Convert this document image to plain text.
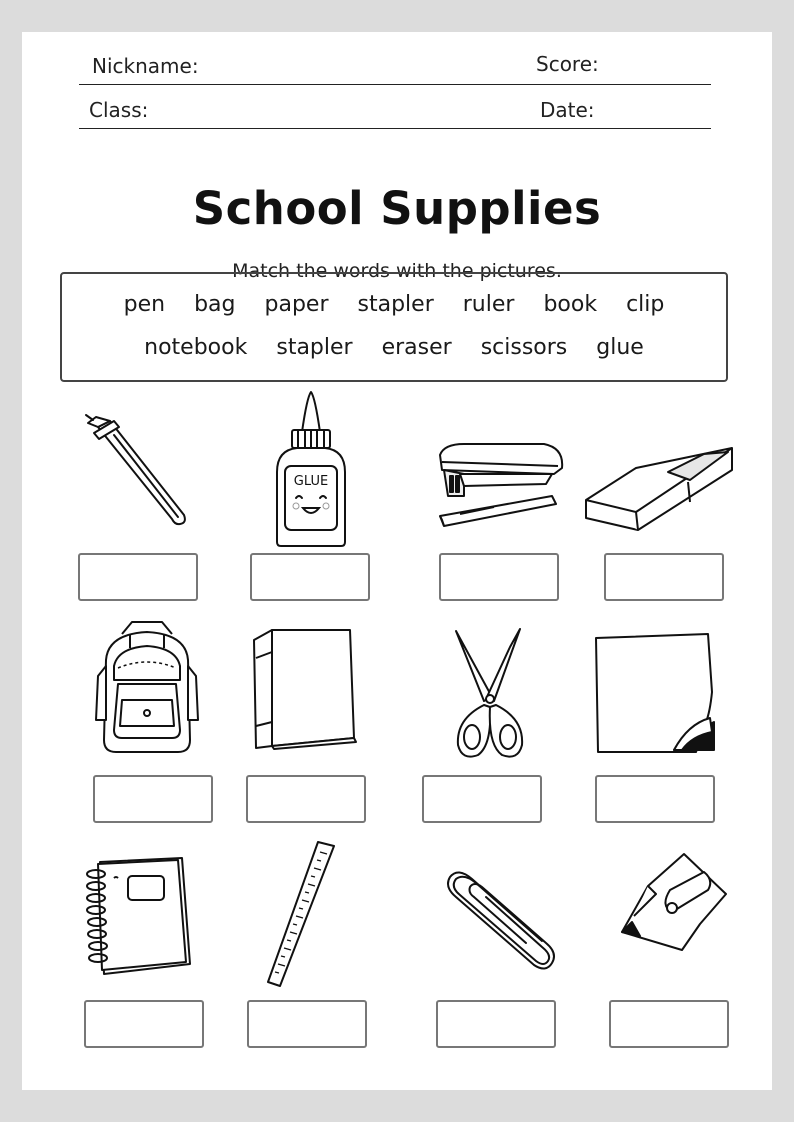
Nickname:	Score:
Class:	Date:
School Supplies
Match the words with the pictures.
pen bag paper stapler ruler book clip
notebook stapler eraser scissors glue
GLUE
